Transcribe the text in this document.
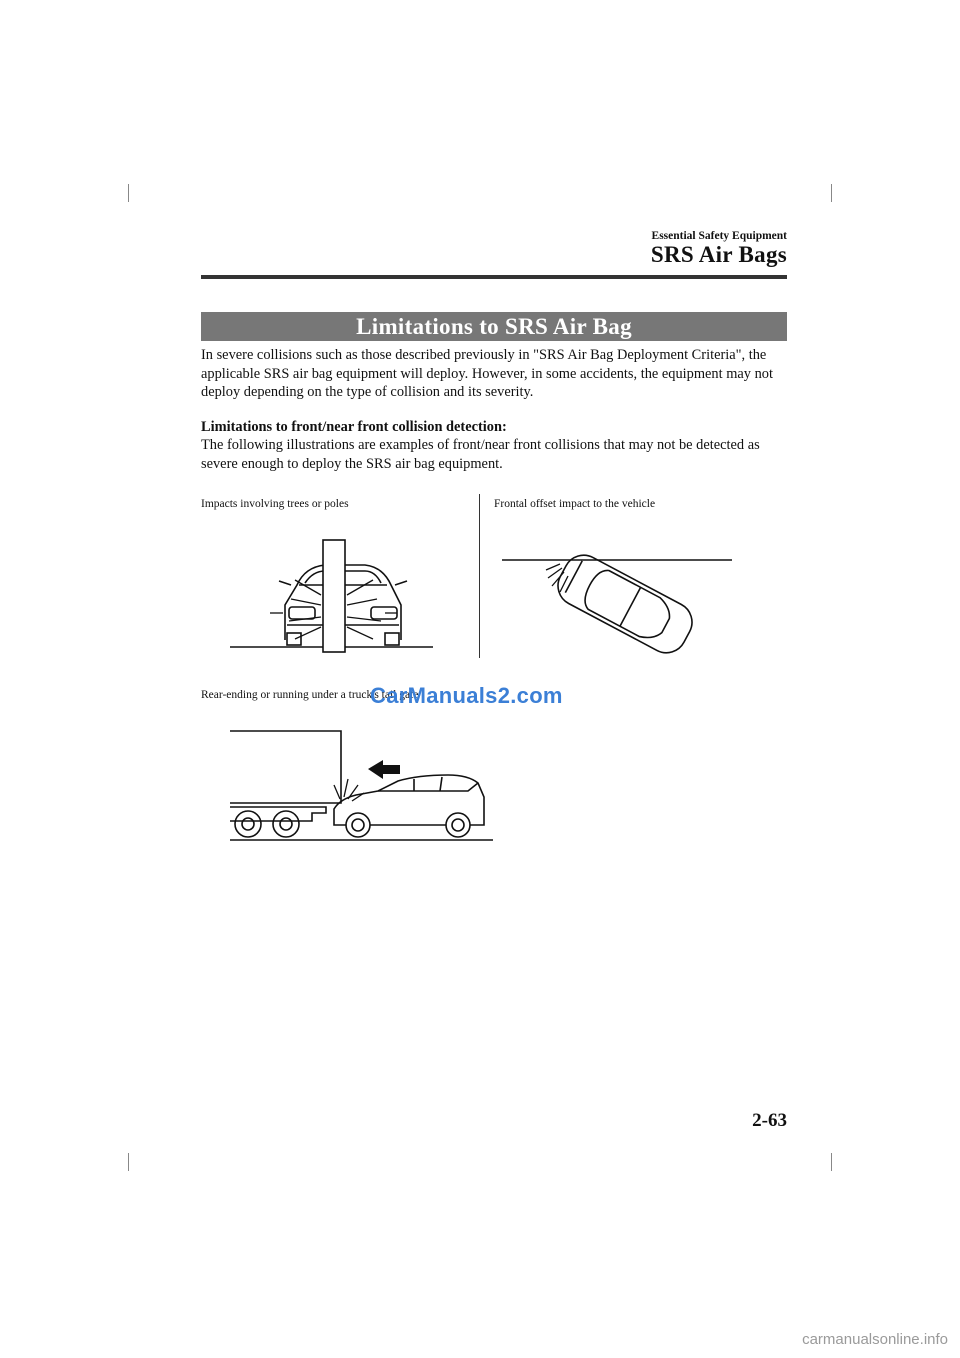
Essential Safety Equipment
SRS Air Bags
Limitations to SRS Air Bag
In severe collisions such as those described previously in "SRS Air Bag Deployment Criteria", the applicable SRS air bag equipment will deploy. However, in some accidents, the equipment may not deploy depending on the type of collision and its severity.
Limitations to front/near front collision detection:
The following illustrations are examples of front/near front collisions that may not be detected as severe enough to deploy the SRS air bag equipment.
Impacts involving trees or poles	Frontal offset impact to the vehicle
Rear-ending or running under a truck's tail gate
CarManuals2.com
2-63
carmanualsonline.info
